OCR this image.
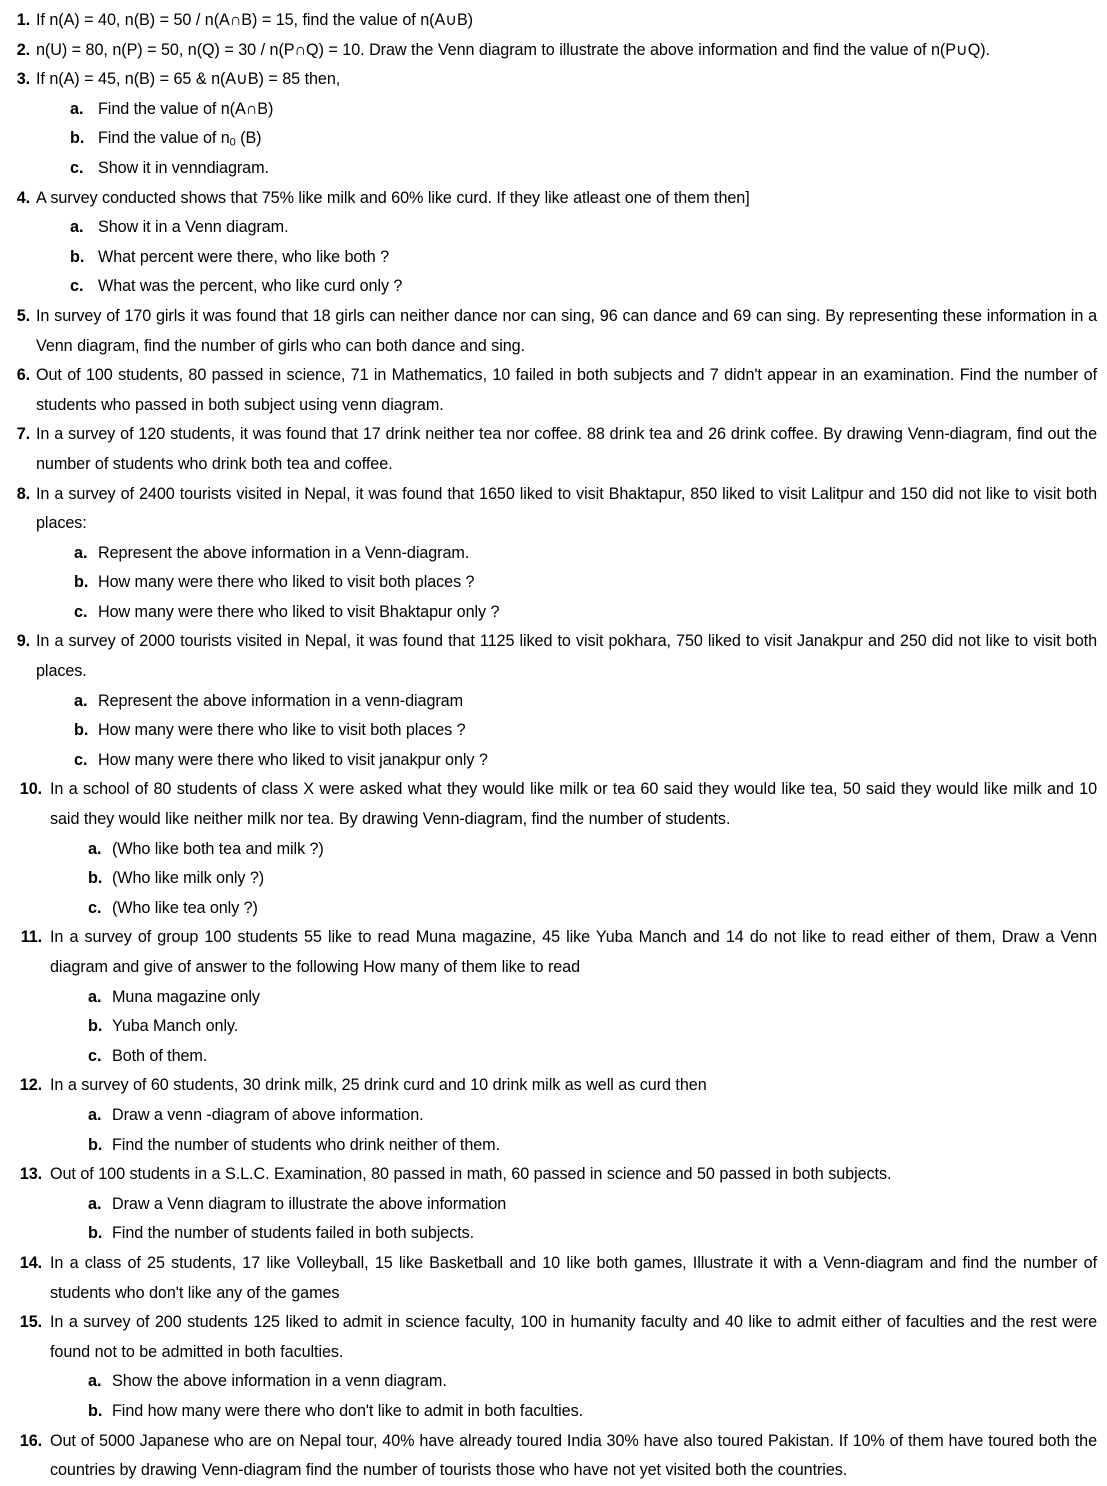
1. If n(A) = 40, n(B) = 50 / n(A∩B) = 15, find the value of n(A∪B)
2. n(U) = 80, n(P) = 50, n(Q) = 30 / n(P∩Q) = 10. Draw the Venn diagram to illustrate the above information and find the value of n(P∪Q).
3. If n(A) = 45, n(B) = 65 & n(A∪B) = 85 then,
a. Find the value of n(A∩B)
b. Find the value of $n_0$ (B)
c. Show it in venndiagram.
4. A survey conducted shows that 75% like milk and 60% like curd. If they like atleast one of them then]
a. Show it in a Venn diagram.
b. What percent were there, who like both ?
c. What was the percent, who like curd only ?
5. In survey of 170 girls it was found that 18 girls can neither dance nor can sing, 96 can dance and 69 can sing. By representing these information in a Venn diagram, find the number of girls who can both dance and sing.
6. Out of 100 students, 80 passed in science, 71 in Mathematics, 10 failed in both subjects and 7 didn't appear in an examination. Find the number of students who passed in both subject using venn diagram.
7. In a survey of 120 students, it was found that 17 drink neither tea nor coffee. 88 drink tea and 26 drink coffee. By drawing Venn-diagram, find out the number of students who drink both tea and coffee.
8. In a survey of 2400 tourists visited in Nepal, it was found that 1650 liked to visit Bhaktapur, 850 liked to visit Lalitpur and 150 did not like to visit both places:
a. Represent the above information in a Venn-diagram.
b. How many were there who liked to visit both places ?
c. How many were there who liked to visit Bhaktapur only ?
9. In a survey of 2000 tourists visited in Nepal, it was found that 1125 liked to visit pokhara, 750 liked to visit Janakpur and 250 did not like to visit both places.
a. Represent the above information in a venn-diagram
b. How many were there who like to visit both places ?
c. How many were there who liked to visit janakpur only ?
10. In a school of 80 students of class X were asked what they would like milk or tea 60 said they would like tea, 50 said they would like milk and 10 said they would like neither milk nor tea. By drawing Venn-diagram, find the number of students.
a. (Who like both tea and milk ?)
b. (Who like milk only ?)
c. (Who like tea only ?)
11. In a survey of group 100 students 55 like to read Muna magazine, 45 like Yuba Manch and 14 do not like to read either of them, Draw a Venn diagram and give of answer to the following How many of them like to read
a. Muna magazine only
b. Yuba Manch only.
c. Both of them.
12. In a survey of 60 students, 30 drink milk, 25 drink curd and 10 drink milk as well as curd then
a. Draw a venn -diagram of above information.
b. Find the number of students who drink neither of them.
13. Out of 100 students in a S.L.C. Examination, 80 passed in math, 60 passed in science and 50 passed in both subjects.
a. Draw a Venn diagram to illustrate the above information
b. Find the number of students failed in both subjects.
14. In a class of 25 students, 17 like Volleyball, 15 like Basketball and 10 like both games, Illustrate it with a Venn-diagram and find the number of students who don't like any of the games
15. In a survey of 200 students 125 liked to admit in science faculty, 100 in humanity faculty and 40 like to admit either of faculties and the rest were found not to be admitted in both faculties.
a. Show the above information in a venn diagram.
b. Find how many were there who don't like to admit in both faculties.
16. Out of 5000 Japanese who are on Nepal tour, 40% have already toured India 30% have also toured Pakistan. If 10% of them have toured both the countries by drawing Venn-diagram find the number of tourists those who have not yet visited both the countries.
